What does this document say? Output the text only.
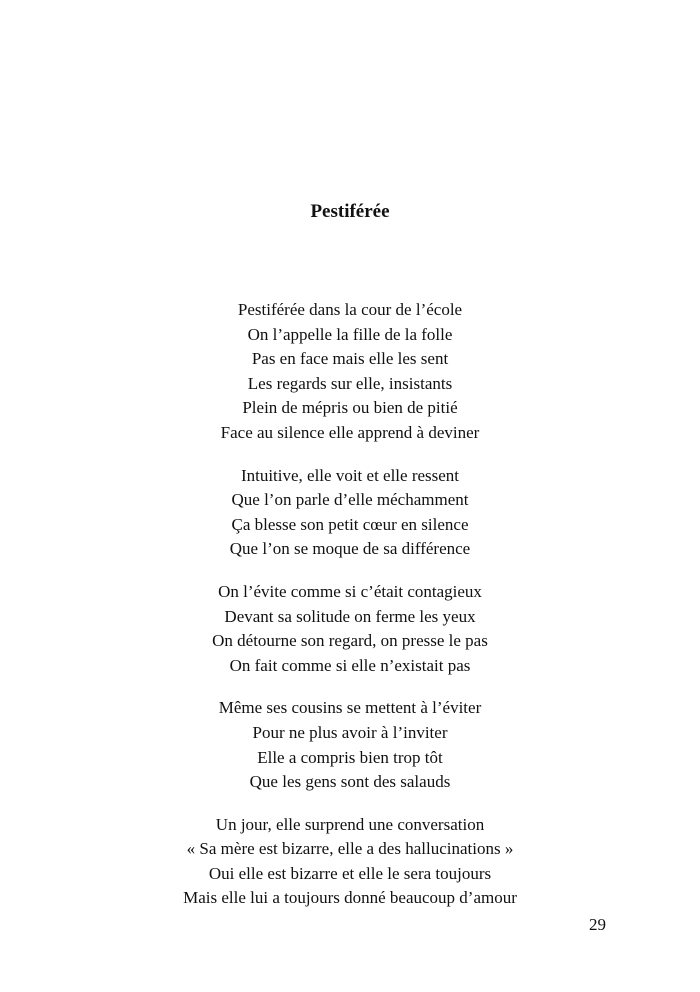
Pestiférée
Pestiférée dans la cour de l’école
On l’appelle la fille de la folle
Pas en face mais elle les sent
Les regards sur elle, insistants
Plein de mépris ou bien de pitié
Face au silence elle apprend à deviner
Intuitive, elle voit et elle ressent
Que l’on parle d’elle méchamment
Ça blesse son petit cœur en silence
Que l’on se moque de sa différence
On l’évite comme si c’était contagieux
Devant sa solitude on ferme les yeux
On détourne son regard, on presse le pas
On fait comme si elle n’existait pas
Même ses cousins se mettent à l’éviter
Pour ne plus avoir à l’inviter
Elle a compris bien trop tôt
Que les gens sont des salauds
Un jour, elle surprend une conversation
« Sa mère est bizarre, elle a des hallucinations »
Oui elle est bizarre et elle le sera toujours
Mais elle lui a toujours donné beaucoup d’amour
29
